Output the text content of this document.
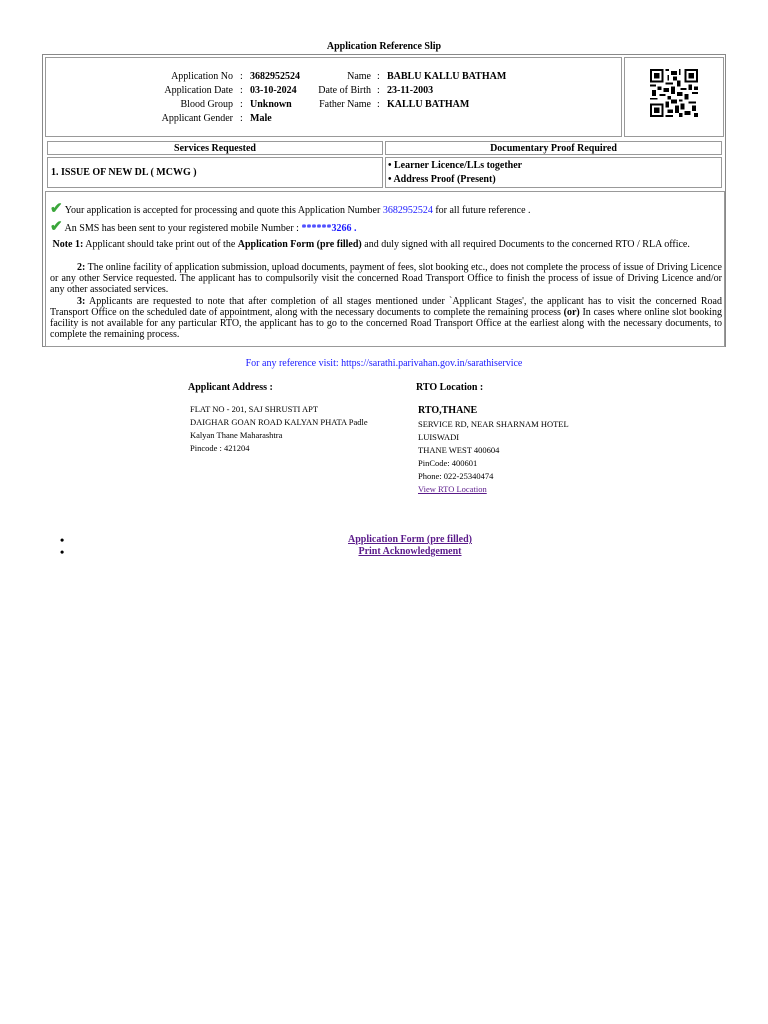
Application Reference Slip
Application No : 3682952524	Name : BABLU KALLU BATHAM
Application Date : 03-10-2024	Date of Birth : 23-11-2003
Blood Group : Unknown	Father Name : KALLU BATHAM
Applicant Gender : Male
Services Requested	Documentary Proof Required
1. ISSUE OF NEW DL ( MCWG )
• Learner Licence/LLs together
• Address Proof (Present)
✔ Your application is accepted for processing and quote this Application Number 3682952524 for all future reference .
✔ An SMS has been sent to your registered mobile Number : ******3266 .
Note 1: Applicant should take print out of the Application Form (pre filled) and duly signed with all required Documents to the concerned RTO / RLA office.
2: The online facility of application submission, upload documents, payment of fees, slot booking etc., does not complete the process of issue of Driving Licence or any other Service requested. The applicant has to compulsorily visit the concerned Road Transport Office to finish the process of issue of Driving Licence and/or any other associated services.
3: Applicants are requested to note that after completion of all stages mentioned under `Applicant Stages', the applicant has to visit the concerned Road Transport Office on the scheduled date of appointment, along with the necessary documents to complete the remaining process (or) In cases where online slot booking facility is not available for any particular RTO, the applicant has to go to the concerned Road Transport Office at the earliest along with the necessary documents, to complete the remaining process.
For any reference visit: https://sarathi.parivahan.gov.in/sarathiservice
Applicant Address :
FLAT NO - 201, SAJ SHRUSTI APT
DAIGHAR GOAN ROAD KALYAN PHATA Padle
Kalyan Thane Maharashtra
Pincode : 421204
RTO Location :
RTO,THANE
SERVICE RD, NEAR SHARNAM HOTEL
LUISWADI
THANE WEST 400604
PinCode: 400601
Phone: 022-25340474
View RTO Location
• Application Form (pre filled)
• Print Acknowledgement
